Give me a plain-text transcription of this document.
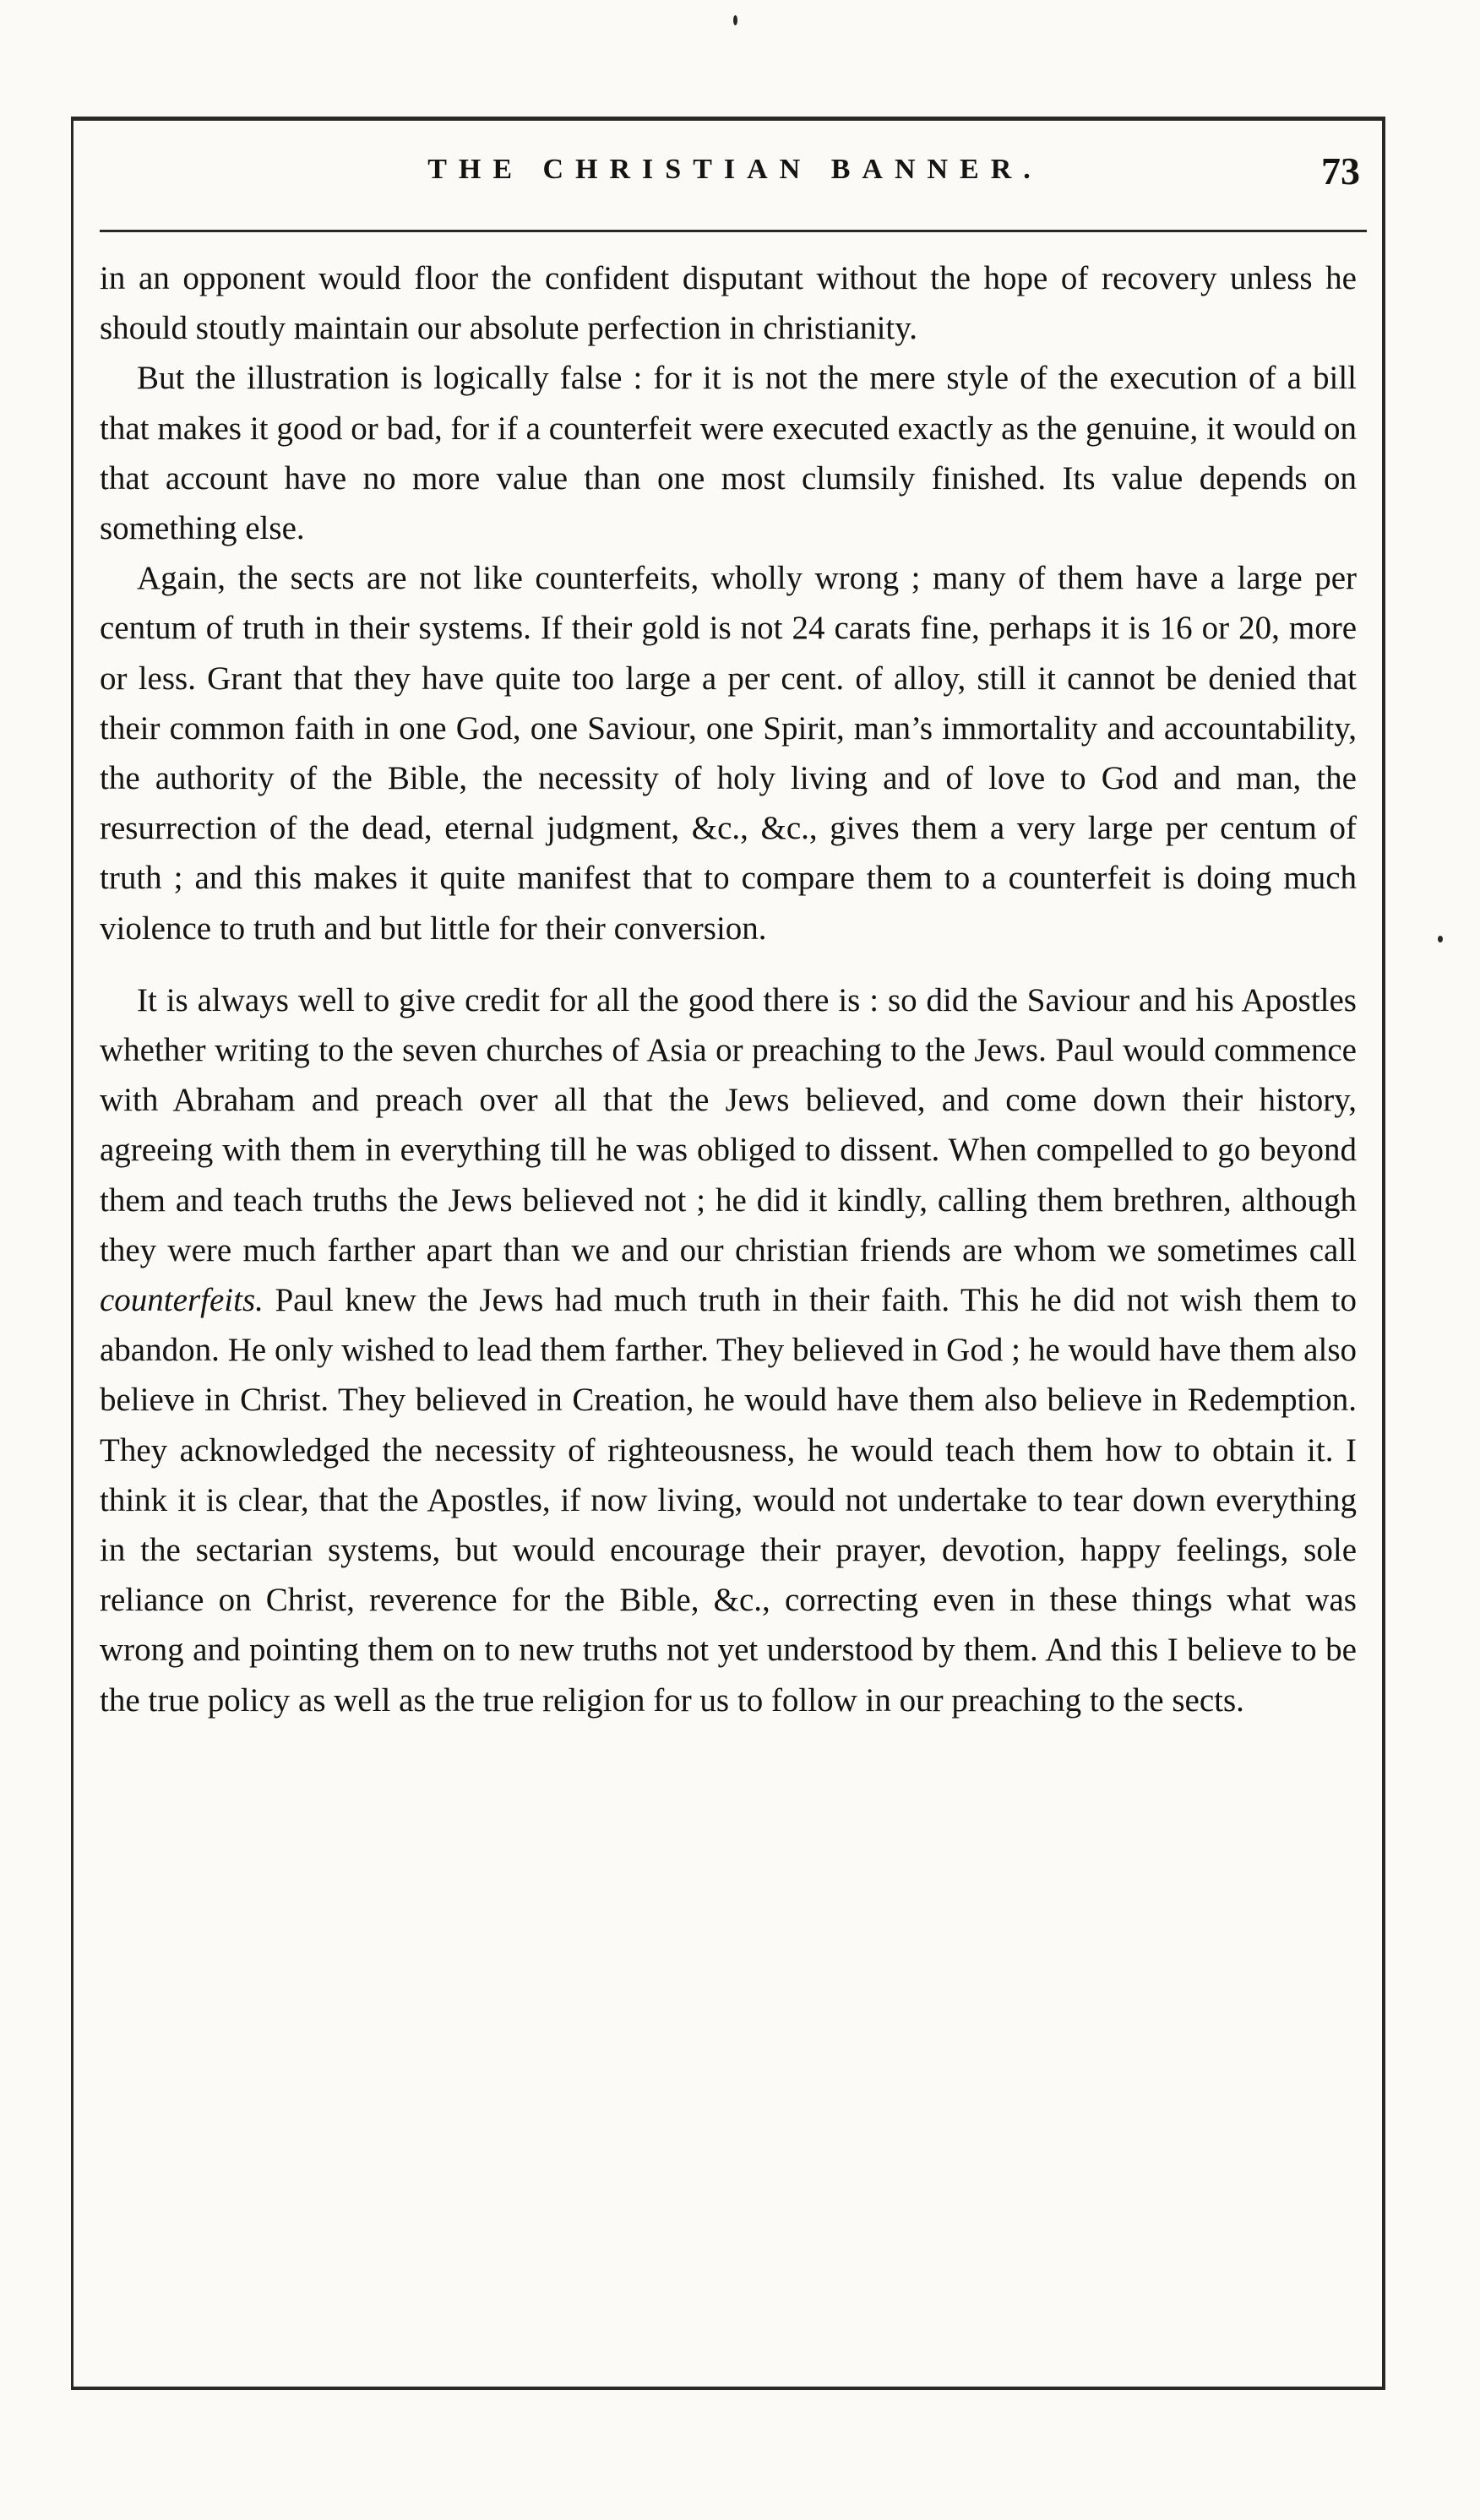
THE CHRISTIAN BANNER.	73

in an opponent would floor the confident disputant without the hope of recovery unless he should stoutly maintain our absolute perfection in christianity.

But the illustration is logically false : for it is not the mere style of the execution of a bill that makes it good or bad, for if a counterfeit were executed exactly as the genuine, it would on that account have no more value than one most clumsily finished. Its value depends on something else.

Again, the sects are not like counterfeits, wholly wrong ; many of them have a large per centum of truth in their systems. If their gold is not 24 carats fine, perhaps it is 16 or 20, more or less. Grant that they have quite too large a per cent. of alloy, still it cannot be denied that their common faith in one God, one Saviour, one Spirit, man’s immortality and accountability, the authority of the Bible, the necessity of holy living and of love to God and man, the resurrection of the dead, eternal judgment, &c., &c., gives them a very large per centum of truth ; and this makes it quite manifest that to compare them to a counterfeit is doing much violence to truth and but little for their conversion.

It is always well to give credit for all the good there is : so did the Saviour and his Apostles whether writing to the seven churches of Asia or preaching to the Jews. Paul would commence with Abraham and preach over all that the Jews believed, and come down their history, agreeing with them in everything till he was obliged to dissent. When compelled to go beyond them and teach truths the Jews believed not ; he did it kindly, calling them brethren, although they were much farther apart than we and our christian friends are whom we sometimes call counterfeits. Paul knew the Jews had much truth in their faith. This he did not wish them to abandon. He only wished to lead them farther. They believed in God ; he would have them also believe in Christ. They believed in Creation, he would have them also believe in Redemption. They acknowledged the necessity of righteousness, he would teach them how to obtain it. I think it is clear, that the Apostles, if now living, would not undertake to tear down everything in the sectarian systems, but would encourage their prayer, devotion, happy feelings, sole reliance on Christ, reverence for the Bible, &c., correcting even in these things what was wrong and pointing them on to new truths not yet understood by them. And this I believe to be the true policy as well as the true religion for us to follow in our preaching to the sects.
